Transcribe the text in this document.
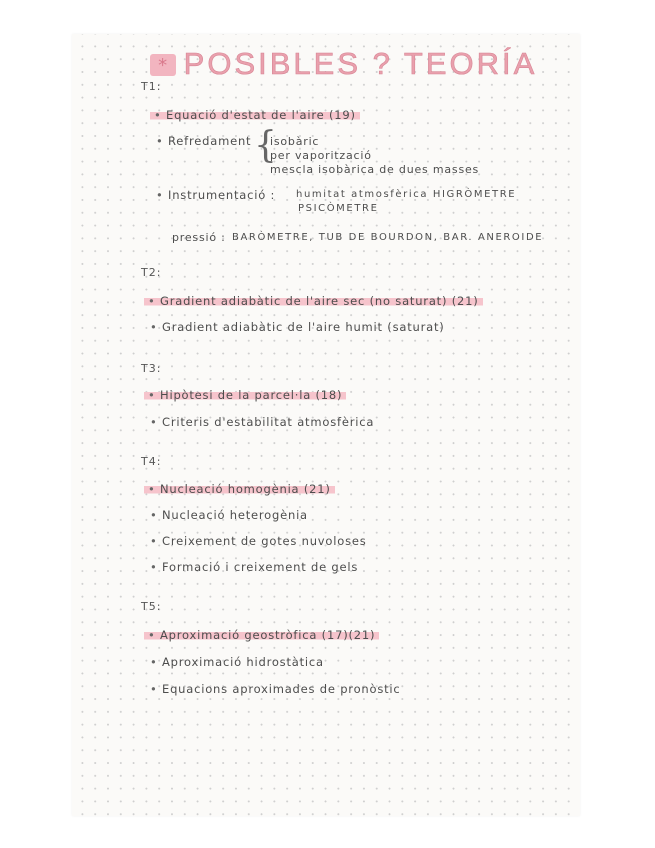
* POSIBLES ? TEORÍA
T1:
• Equació d'estat de l'aire (19)
• Refredament {
isobàric
per vaporització
mescla isobàrica de dues masses
• Instrumentació : humitat atmosfèrica HIGRÒMETRE
PSICÒMETRE
pressió : BARÒMETRE, TUB DE BOURDON, BAR. ANEROIDE
T2:
• Gradient adiabàtic de l'aire sec (no saturat) (21)
• Gradient adiabàtic de l'aire humit (saturat)
T3:
• Hipòtesi de la parcel·la (18)
• Criteris d'estabilitat atmosfèrica
T4:
• Nucleació homogènia (21)
• Nucleació heterogènia
• Creixement de gotes nuvoloses
• Formació i creixement de gels
T5:
• Aproximació geostròfica (17)(21)
• Aproximació hidrostàtica
• Equacions aproximades de pronòstic
